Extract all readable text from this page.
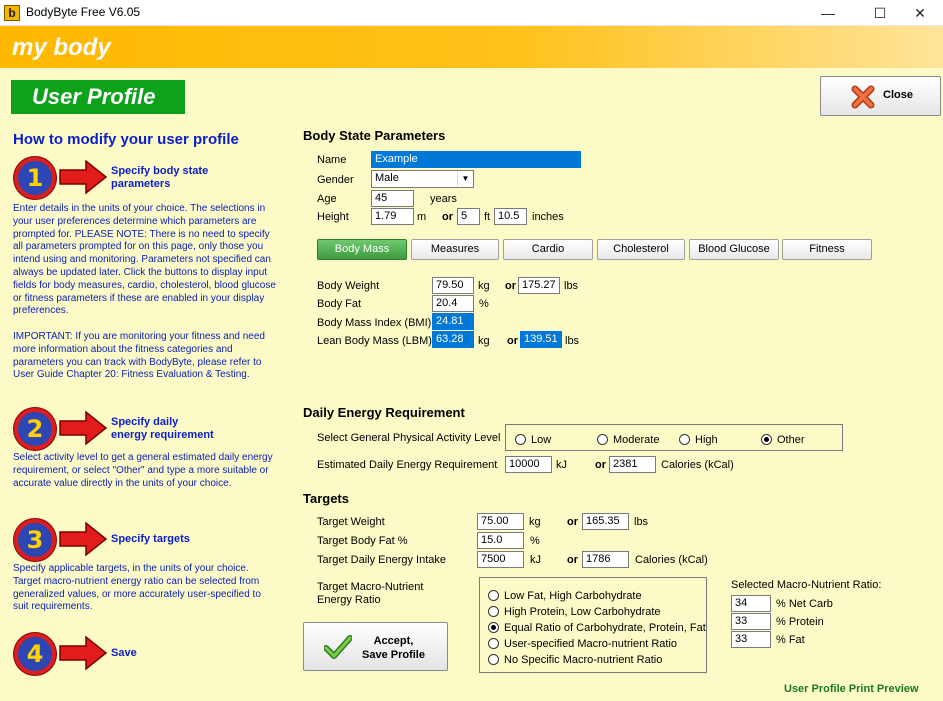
b BodyByte Free V6.05	—	☐	✕
my body
User Profile	Close
How to modify your user profile
1	Specify body state
parameters
Enter details in the units of your choice. The selections in
your user preferences determine which parameters are
prompted for. PLEASE NOTE: There is no need to specify
all parameters prompted for on this page, only those you
intend using and monitoring. Parameters not specified can
always be updated later. Click the buttons to display input
fields for body measures, cardio, cholesterol, blood glucose
or fitness parameters if these are enabled in your display
preferences.
IMPORTANT: If you are monitoring your fitness and need
more information about the fitness categories and
parameters you can track with BodyByte, please refer to
User Guide Chapter 20: Fitness Evaluation & Testing.
2	Specify daily
energy requirement
Select activity level to get a general estimated daily energy
requirement, or select "Other" and type a more suitable or
accurate value directly in the units of your choice.
3	Specify targets
Specify applicable targets, in the units of your choice.
Target macro-nutrient energy ratio can be selected from
generalized values, or more accurately user-specified to
suit requirements.
4	Save
Body State Parameters
Name	Example
Gender	Male	▼
Age	45	years
Height	1.79	m or 5	ft 10.5	inches
Body Mass	Measures	Cardio	Cholesterol	Blood Glucose	Fitness
Body Weight	79.50	kg or 175.27 lbs
Body Fat	20.4	%
Body Mass Index (BMI) 24.81
Lean Body Mass (LBM) 63.28	kg or 139.51 lbs
Daily Energy Requirement
Select General Physical Activity Level	Low	Moderate	High	Other
Estimated Daily Energy Requirement	10000	kJ	or 2381	Calories (kCal)
Targets
Target Weight	75.00	kg or 165.35	lbs
Target Body Fat %	15.0	%
Target Daily Energy Intake	7500	kJ or 1786	Calories (kCal)
Target Macro-Nutrient
Energy Ratio	Low Fat, High Carbohydrate
High Protein, Low Carbohydrate
Equal Ratio of Carbohydrate, Protein, Fat
User-specified Macro-nutrient Ratio
No Specific Macro-nutrient Ratio
Selected Macro-Nutrient Ratio:
34	% Net Carb
33	% Protein
33	% Fat
Accept,
Save Profile
User Profile Print Preview
